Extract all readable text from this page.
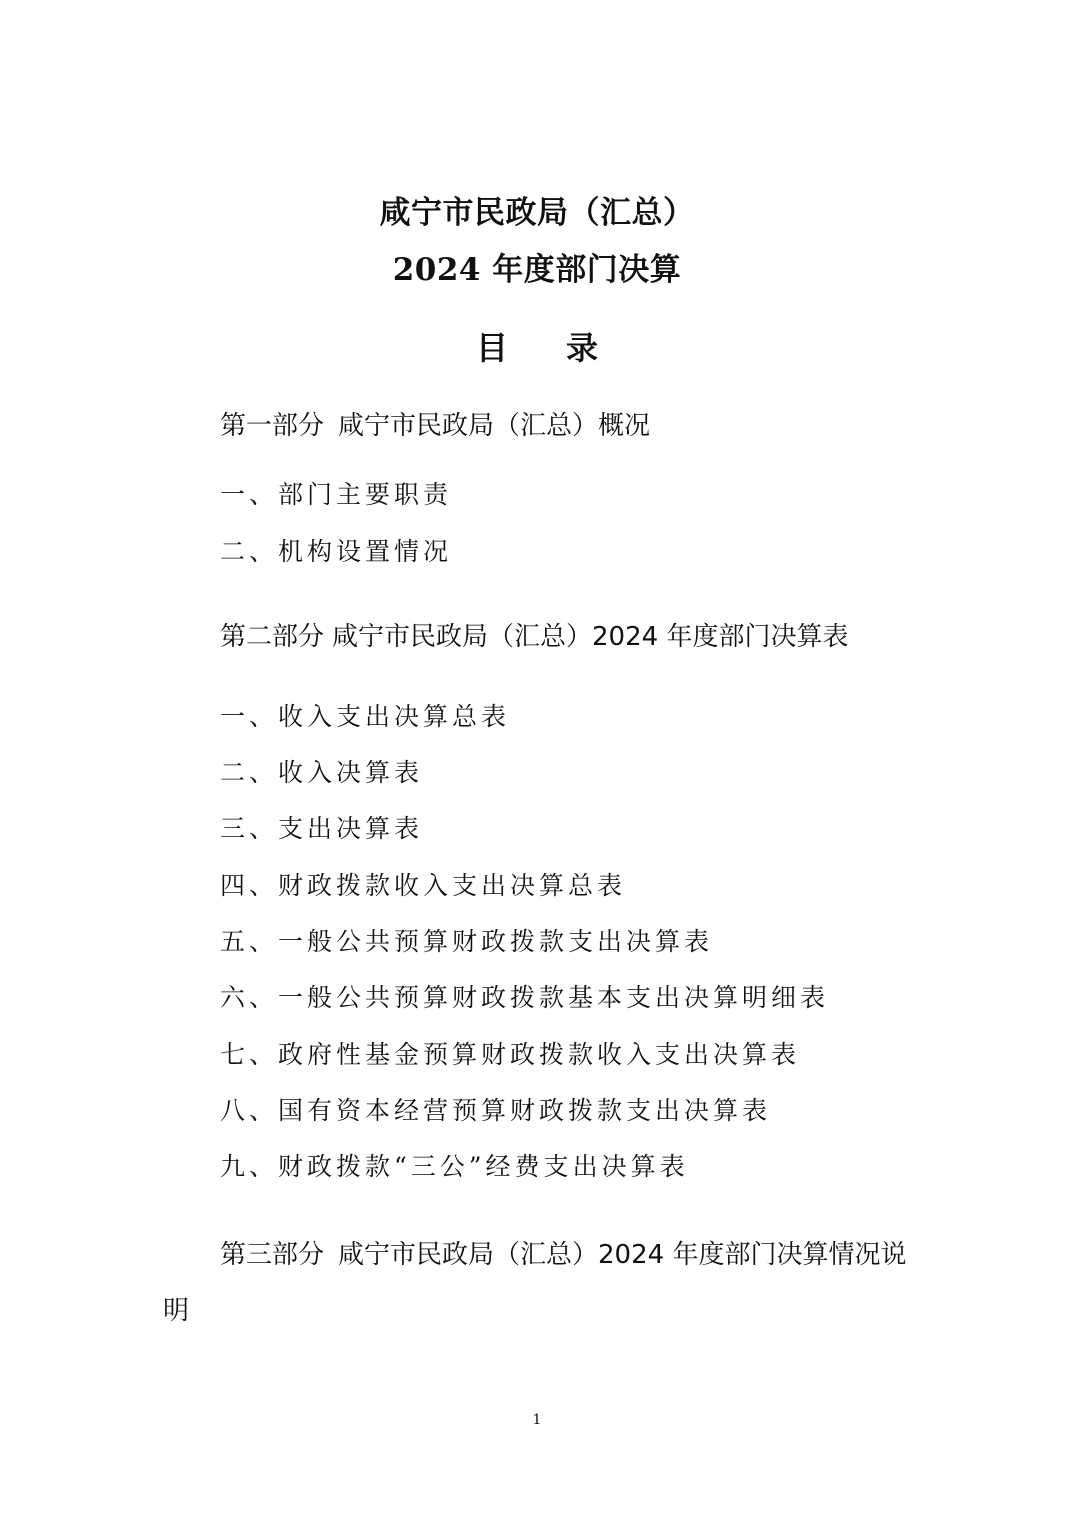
咸宁市民政局（汇总）
2024 年度部门决算
目 录
第一部分 咸宁市民政局（汇总）概况
一、部门主要职责
二、机构设置情况
第二部分 咸宁市民政局（汇总）2024 年度部门决算表
一、收入支出决算总表
二、收入决算表
三、支出决算表
四、财政拨款收入支出决算总表
五、一般公共预算财政拨款支出决算表
六、一般公共预算财政拨款基本支出决算明细表
七、政府性基金预算财政拨款收入支出决算表
八、国有资本经营预算财政拨款支出决算表
九、财政拨款“三公”经费支出决算表
第三部分 咸宁市民政局（汇总）2024 年度部门决算情况说明
1
